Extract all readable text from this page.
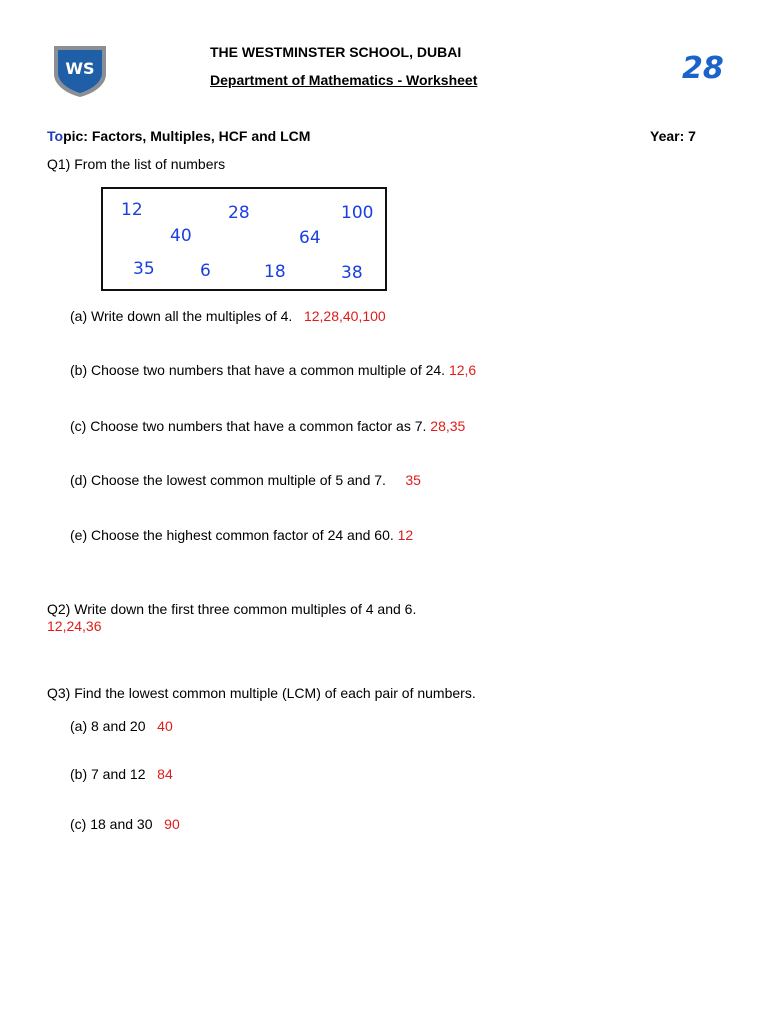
WS	28
THE WESTMINSTER SCHOOL, DUBAI
Department of Mathematics - Worksheet
Topic: Factors, Multiples, HCF and LCM	Year: 7
Q1) From the list of numbers
12	28	100
40	64
35	6	18	38
(a) Write down all the multiples of 4. 12,28,40,100
(b) Choose two numbers that have a common multiple of 24. 12,6
(c) Choose two numbers that have a common factor as 7. 28,35
(d) Choose the lowest common multiple of 5 and 7. 35
(e) Choose the highest common factor of 24 and 60. 12
Q2) Write down the first three common multiples of 4 and 6.
12,24,36
Q3) Find the lowest common multiple (LCM) of each pair of numbers.
(a) 8 and 20 40
(b) 7 and 12 84
(c) 18 and 30 90
